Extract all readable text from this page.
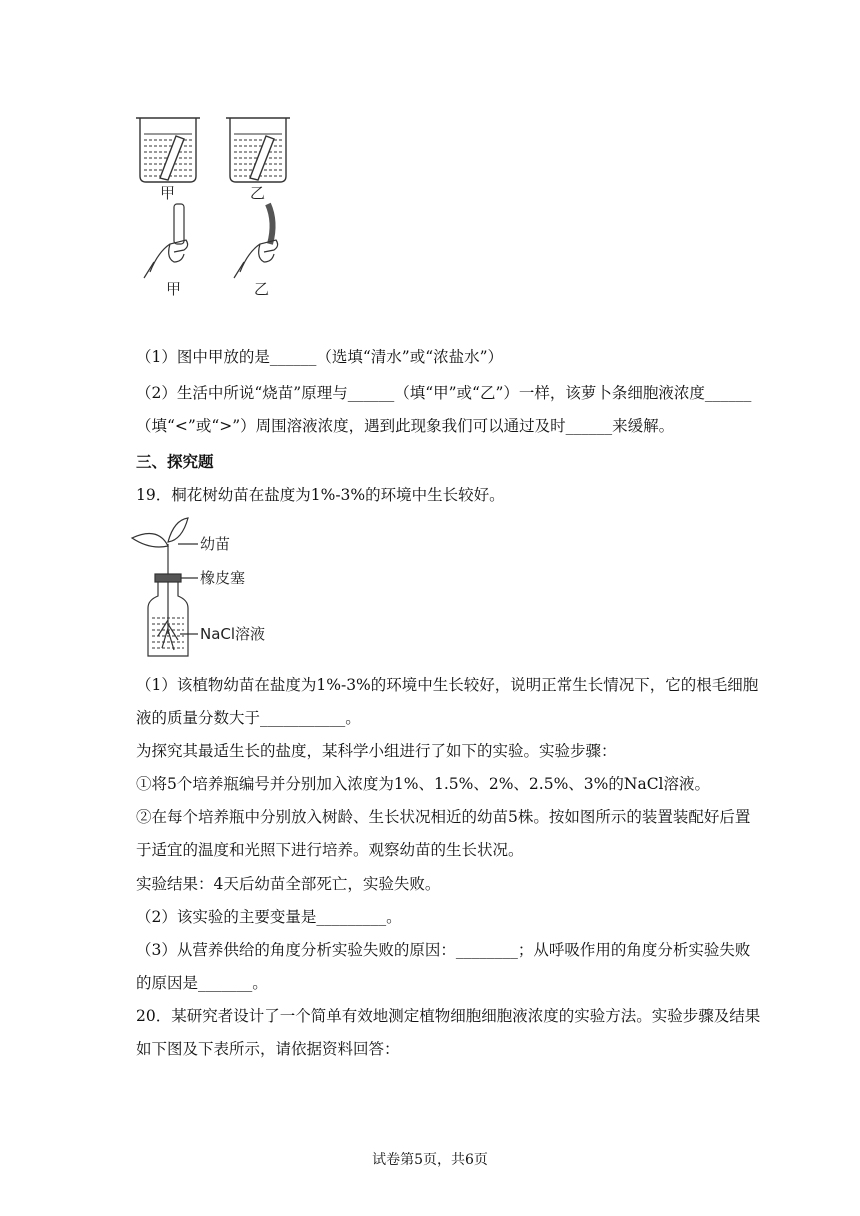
甲	乙
甲	乙
（1）图中甲放的是______（选填“清水”或“浓盐水”）
（2）生活中所说“烧苗”原理与______（填“甲”或“乙”）一样，该萝卜条细胞液浓度______
（填“<”或“>”）周围溶液浓度，遇到此现象我们可以通过及时______来缓解。
三、探究题
19．桐花树幼苗在盐度为1%-3%的环境中生长较好。
幼苗
橡皮塞
NaCl溶液
（1）该植物幼苗在盐度为1%-3%的环境中生长较好，说明正常生长情况下，它的根毛细胞
液的质量分数大于___________。
为探究其最适生长的盐度，某科学小组进行了如下的实验。实验步骤：
①将5个培养瓶编号并分别加入浓度为1%、1.5%、2%、2.5%、3%的NaCl溶液。
②在每个培养瓶中分别放入树龄、生长状况相近的幼苗5株。按如图所示的装置装配好后置
于适宜的温度和光照下进行培养。观察幼苗的生长状况。
实验结果：4天后幼苗全部死亡，实验失败。
（2）该实验的主要变量是_________。
（3）从营养供给的角度分析实验失败的原因：________；从呼吸作用的角度分析实验失败
的原因是_______。
20．某研究者设计了一个简单有效地测定植物细胞细胞液浓度的实验方法。实验步骤及结果
如下图及下表所示，请依据资料回答：
试卷第5页，共6页
